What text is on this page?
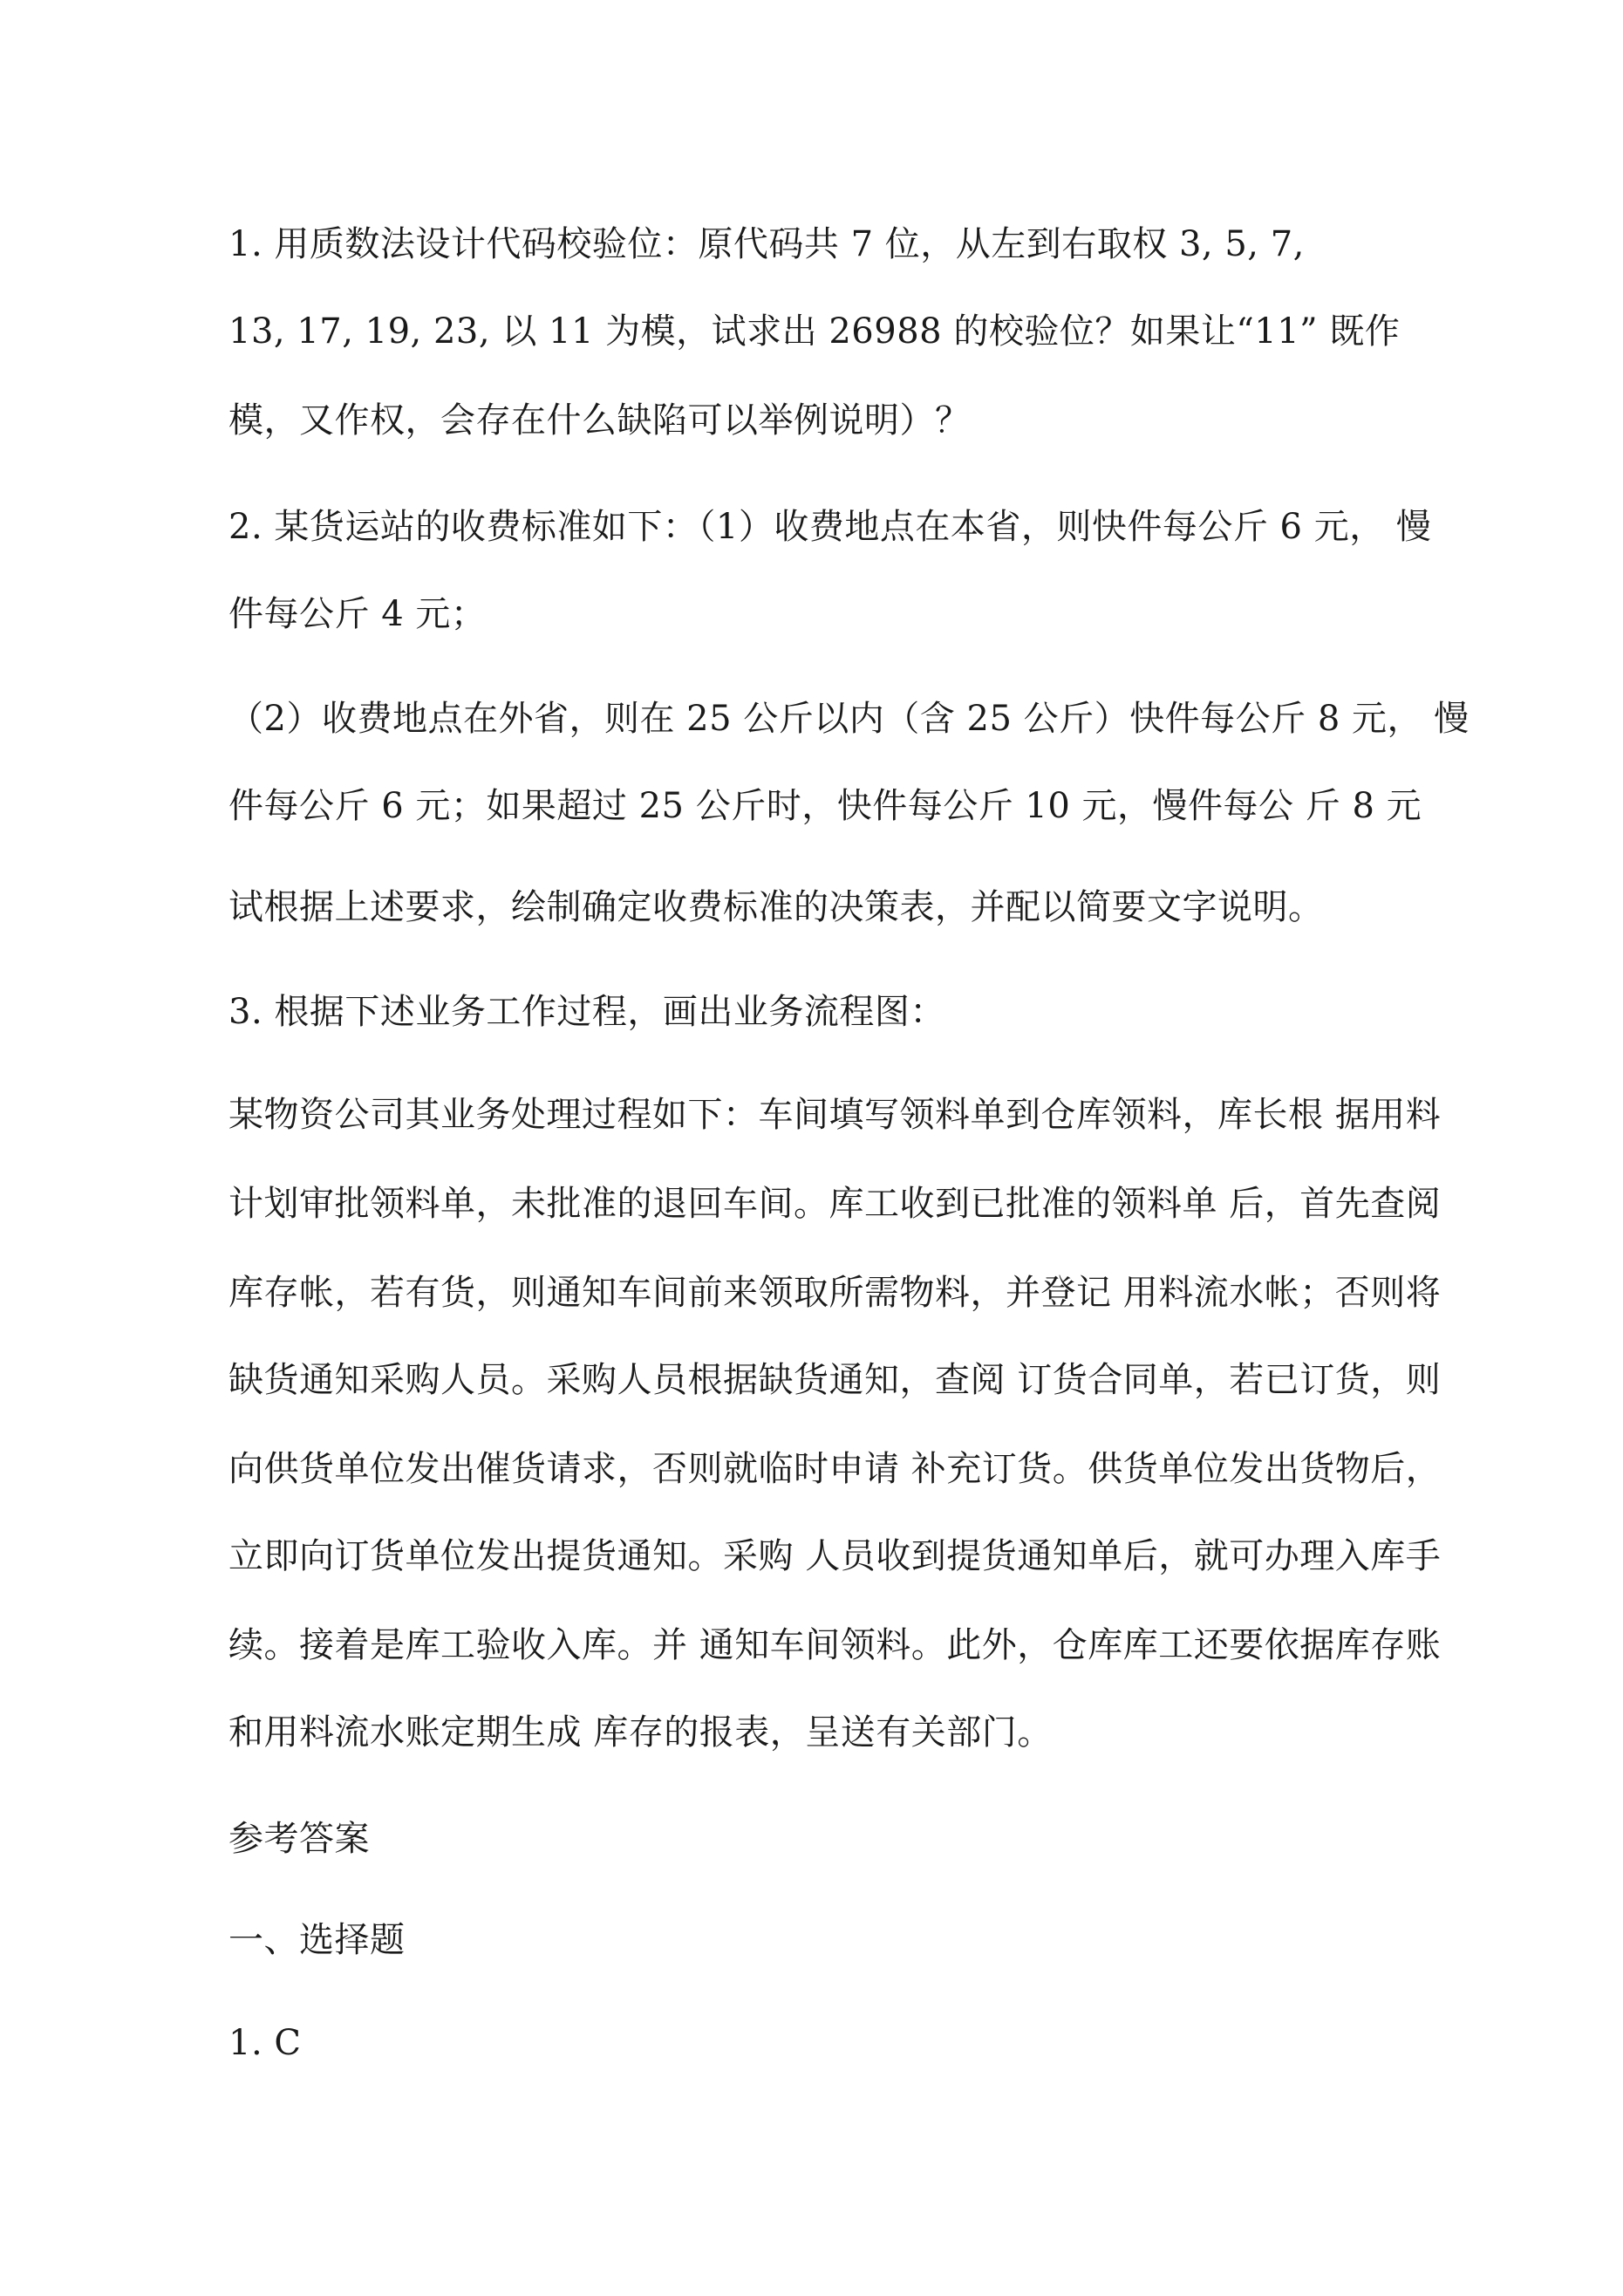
1. 用质数法设计代码校验位：原代码共 7 位，从左到右取权 3, 5, 7,
13, 17, 19, 23, 以 11 为模，试求出 26988 的校验位？如果让“11” 既作
模，又作权，会存在什么缺陷可以举例说明）？
2. 某货运站的收费标准如下：（1）收费地点在本省，则快件每公斤 6 元， 慢
件每公斤 4 元；
（2）收费地点在外省，则在 25 公斤以内（含 25 公斤）快件每公斤 8 元， 慢
件每公斤 6 元；如果超过 25 公斤时，快件每公斤 10 元，慢件每公 斤 8 元
试根据上述要求，绘制确定收费标准的决策表，并配以简要文字说明。
3. 根据下述业务工作过程，画出业务流程图：
某物资公司其业务处理过程如下：车间填写领料单到仓库领料，库长根 据用料
计划审批领料单，未批准的退回车间。库工收到已批准的领料单 后，首先查阅
库存帐，若有货，则通知车间前来领取所需物料，并登记 用料流水帐；否则将
缺货通知采购人员。采购人员根据缺货通知，查阅 订货合同单，若已订货，则
向供货单位发出催货请求，否则就临时申请 补充订货。供货单位发出货物后，
立即向订货单位发出提货通知。采购 人员收到提货通知单后，就可办理入库手
续。接着是库工验收入库。并 通知车间领料。此外，仓库库工还要依据库存账
和用料流水账定期生成 库存的报表，呈送有关部门。
参考答案
一、选择题
1. C
